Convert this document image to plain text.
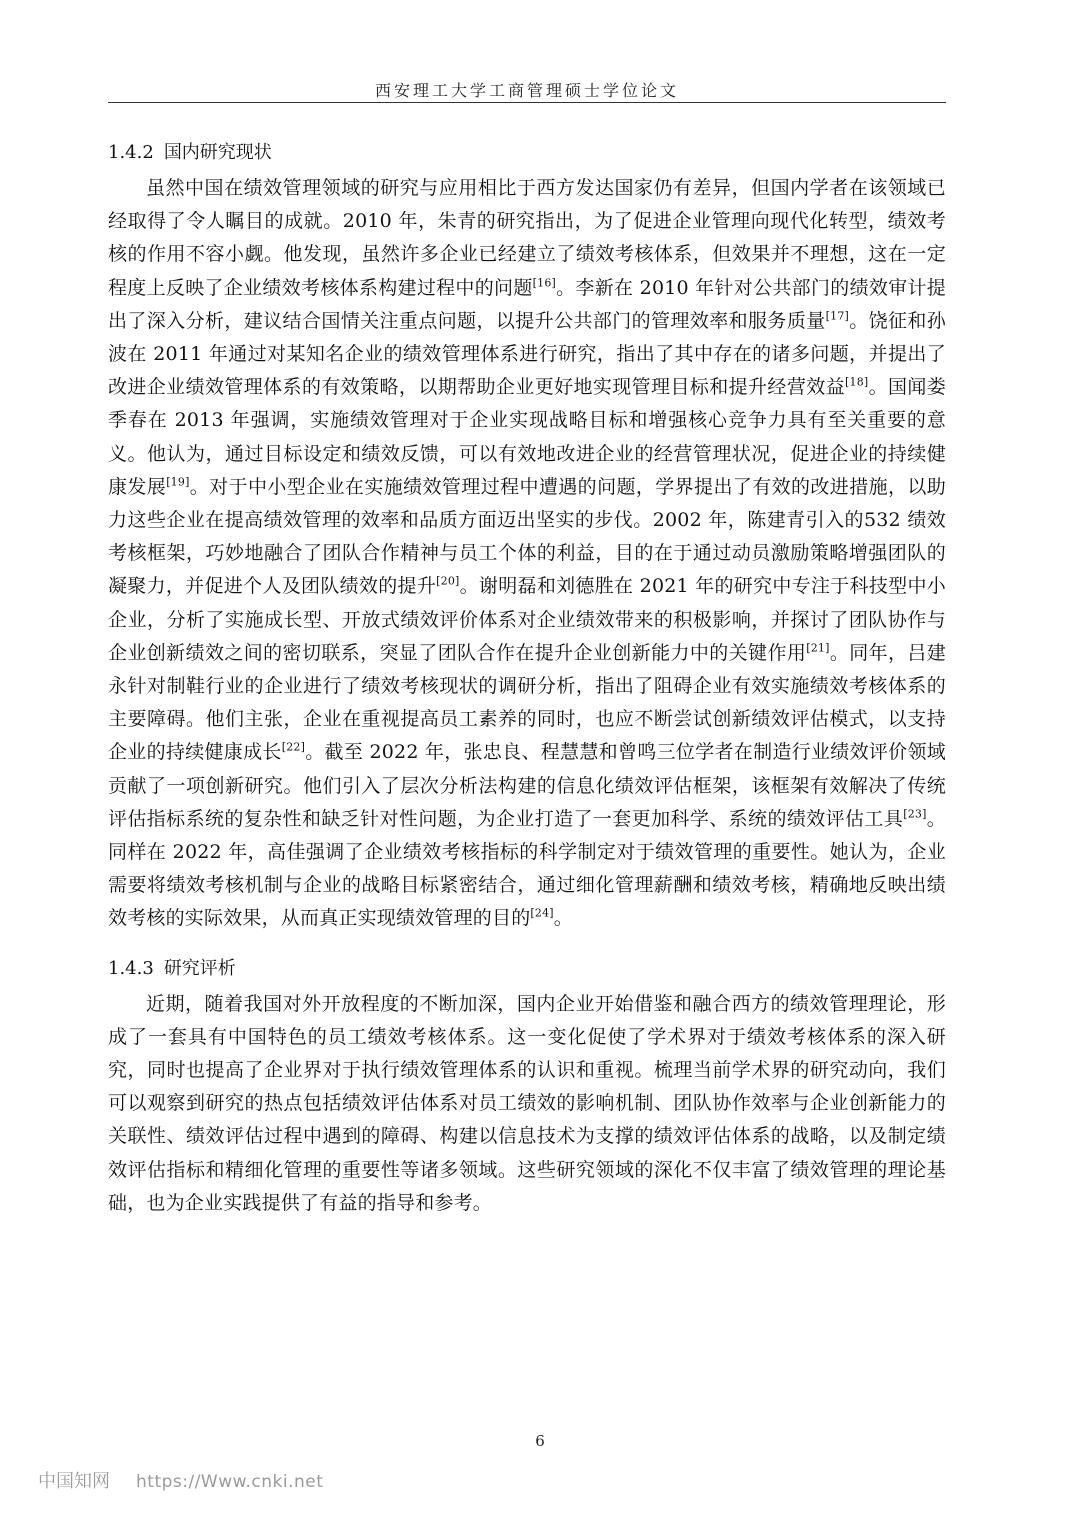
西安理工大学工商管理硕士学位论文
1.4.2 国内研究现状

虽然中国在绩效管理领域的研究与应用相比于西方发达国家仍有差异，但国内学者在该领域已经取得了令人瞩目的成就。2010 年，朱青的研究指出，为了促进企业管理向现代化转型，绩效考核的作用不容小觑。他发现，虽然许多企业已经建立了绩效考核体系，但效果并不理想，这在一定程度上反映了企业绩效考核体系构建过程中的问题[16]。李新在 2010 年针对公共部门的绩效审计提出了深入分析，建议结合国情关注重点问题，以提升公共部门的管理效率和服务质量[17]。饶征和孙波在 2011 年通过对某知名企业的绩效管理体系进行研究，指出了其中存在的诸多问题，并提出了改进企业绩效管理体系的有效策略，以期帮助企业更好地实现管理目标和提升经营效益[18]。国闻娄季春在 2013 年强调，实施绩效管理对于企业实现战略目标和增强核心竞争力具有至关重要的意义。他认为，通过目标设定和绩效反馈，可以有效地改进企业的经营管理状况，促进企业的持续健康发展[19]。对于中小型企业在实施绩效管理过程中遭遇的问题，学界提出了有效的改进措施，以助力这些企业在提高绩效管理的效率和品质方面迈出坚实的步伐。2002 年，陈建青引入的532 绩效考核框架，巧妙地融合了团队合作精神与员工个体的利益，目的在于通过动员激励策略增强团队的凝聚力，并促进个人及团队绩效的提升[20]。谢明磊和刘德胜在 2021 年的研究中专注于科技型中小企业，分析了实施成长型、开放式绩效评价体系对企业绩效带来的积极影响，并探讨了团队协作与企业创新绩效之间的密切联系，突显了团队合作在提升企业创新能力中的关键作用[21]。同年，吕建永针对制鞋行业的企业进行了绩效考核现状的调研分析，指出了阻碍企业有效实施绩效考核体系的主要障碍。他们主张，企业在重视提高员工素养的同时，也应不断尝试创新绩效评估模式，以支持企业的持续健康成长[22]。截至 2022 年，张忠良、程慧慧和曾鸣三位学者在制造行业绩效评价领域贡献了一项创新研究。他们引入了层次分析法构建的信息化绩效评估框架，该框架有效解决了传统评估指标系统的复杂性和缺乏针对性问题，为企业打造了一套更加科学、系统的绩效评估工具[23]。同样在 2022 年，高佳强调了企业绩效考核指标的科学制定对于绩效管理的重要性。她认为，企业需要将绩效考核机制与企业的战略目标紧密结合，通过细化管理薪酬和绩效考核，精确地反映出绩效考核的实际效果，从而真正实现绩效管理的目的[24]。

1.4.3 研究评析

近期，随着我国对外开放程度的不断加深，国内企业开始借鉴和融合西方的绩效管理理论，形成了一套具有中国特色的员工绩效考核体系。这一变化促使了学术界对于绩效考核体系的深入研究，同时也提高了企业界对于执行绩效管理体系的认识和重视。梳理当前学术界的研究动向，我们可以观察到研究的热点包括绩效评估体系对员工绩效的影响机制、团队协作效率与企业创新能力的关联性、绩效评估过程中遇到的障碍、构建以信息技术为支撑的绩效评估体系的战略，以及制定绩效评估指标和精细化管理的重要性等诸多领域。这些研究领域的深化不仅丰富了绩效管理的理论基础，也为企业实践提供了有益的指导和参考。

6
中国知网 https://Www.cnki.net
